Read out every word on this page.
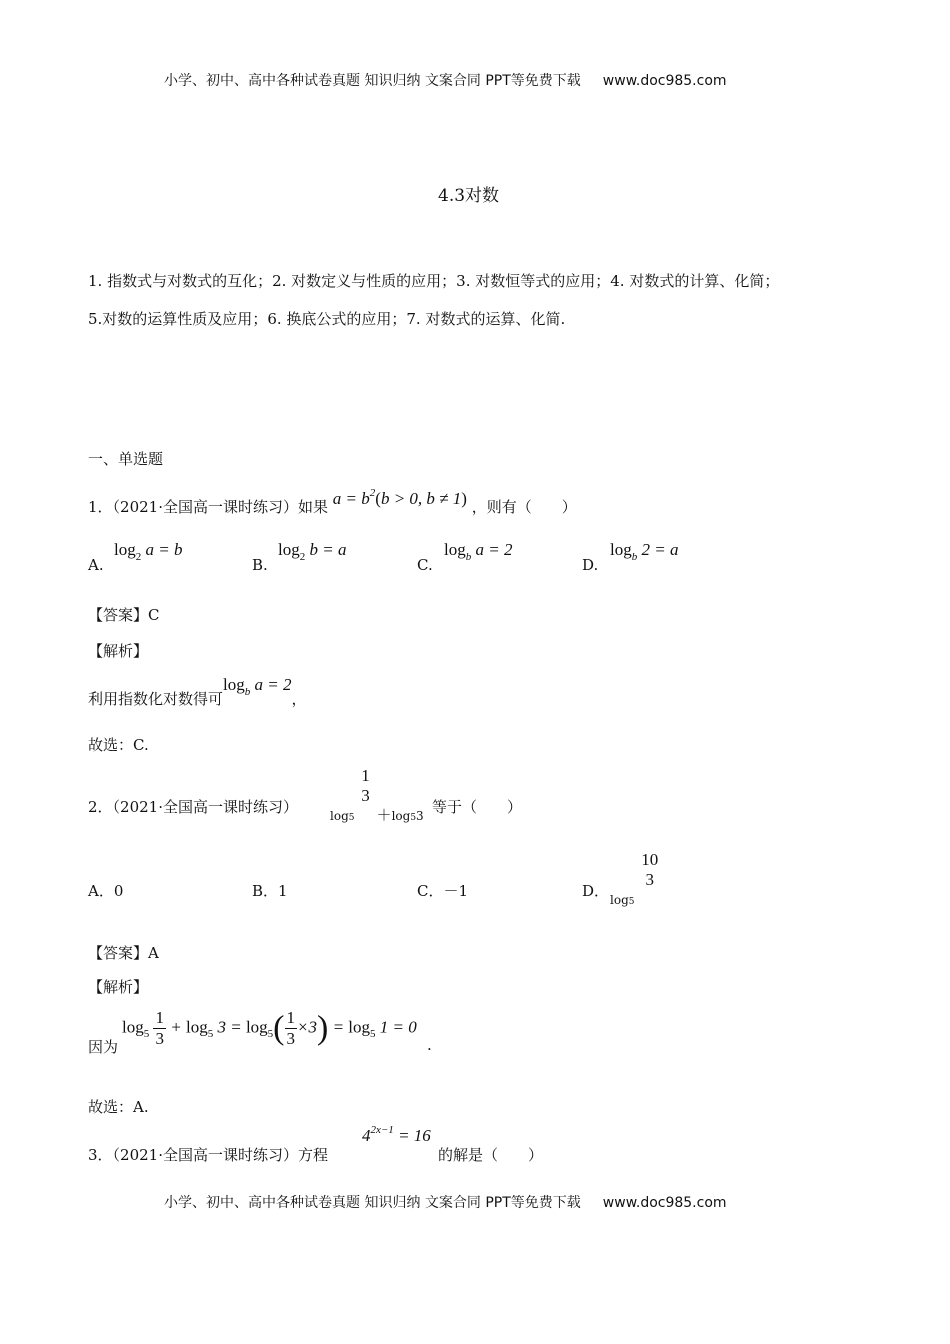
小学、初中、高中各种试卷真题 知识归纳 文案合同 PPT等免费下载 www.doc985.com
4.3对数
1. 指数式与对数式的互化；2. 对数定义与性质的应用；3. 对数恒等式的应用；4. 对数式的计算、化简；
5.对数的运算性质及应用；6. 换底公式的应用；7. 对数式的运算、化简.
一、单选题
1．（2021·全国高一课时练习）如果 $a = b^2(b > 0$, b ≠ 1) ，则有（　　）
A.
$\log_2 a = b$
B.
$\log_2 b = a$
C.
$\log_b a = 2$
D.
$\log_b 2 = a$
【答案】C
【解析】
利用指数化对数得可$\log_b a = 2$，
故选：C.
2．（2021·全国高一课时练习）	$_{log5}$
1
3
＋log53 等于（　　）
A．0	B．1	C．－1	D． $_{log5}$
10
3
【答案】A
【解析】
因为
$\log_5 \frac{1}{3} + \log_5 3 = \log_5( \frac{1}{3} \times 3) = \log_5 1 = 0$
.
故选：A.
3．（2021·全国高一课时练习）方程
$4^{2x-1} = 16$
的解是（　　）
小学、初中、高中各种试卷真题 知识归纳 文案合同 PPT等免费下载 www.doc985.com
